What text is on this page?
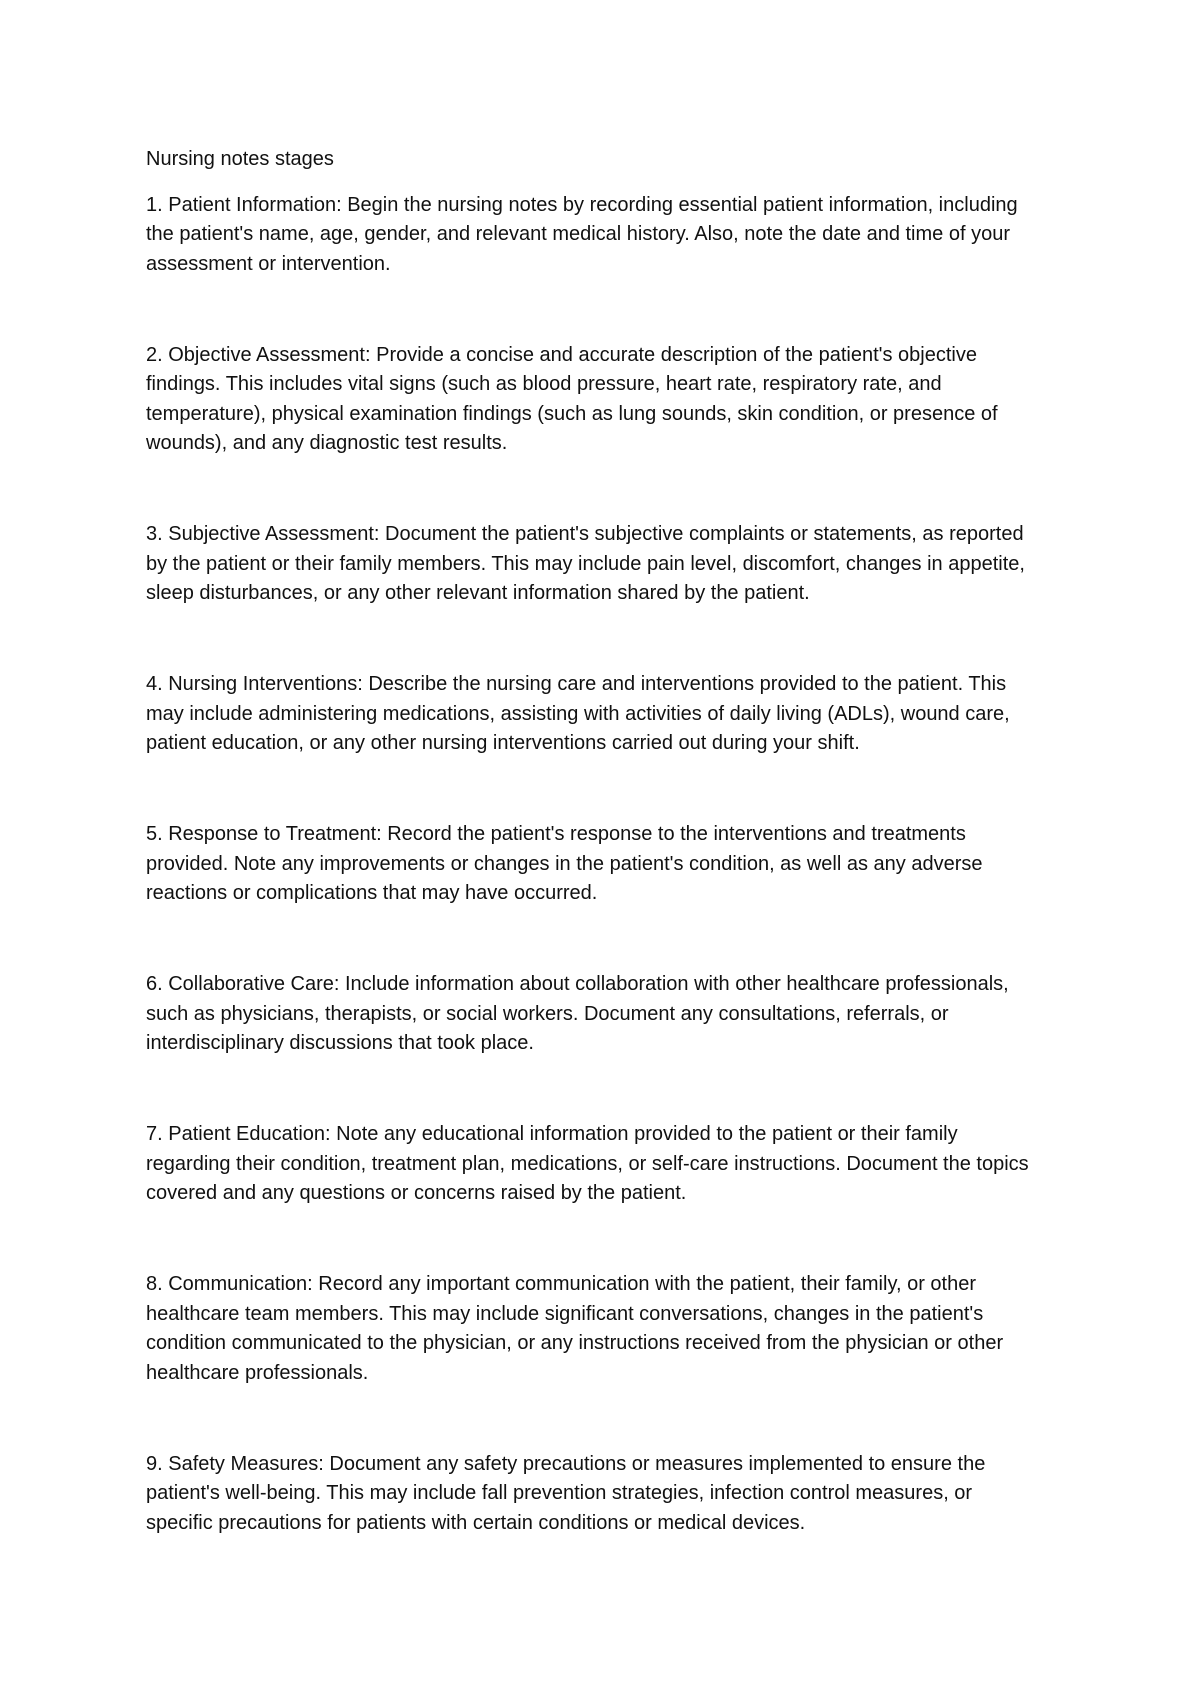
Nursing notes stages
1. Patient Information: Begin the nursing notes by recording essential patient information, including
the patient's name, age, gender, and relevant medical history. Also, note the date and time of your
assessment or intervention.
2. Objective Assessment: Provide a concise and accurate description of the patient's objective
findings. This includes vital signs (such as blood pressure, heart rate, respiratory rate, and
temperature), physical examination findings (such as lung sounds, skin condition, or presence of
wounds), and any diagnostic test results.
3. Subjective Assessment: Document the patient's subjective complaints or statements, as reported
by the patient or their family members. This may include pain level, discomfort, changes in appetite,
sleep disturbances, or any other relevant information shared by the patient.
4. Nursing Interventions: Describe the nursing care and interventions provided to the patient. This
may include administering medications, assisting with activities of daily living (ADLs), wound care,
patient education, or any other nursing interventions carried out during your shift.
5. Response to Treatment: Record the patient's response to the interventions and treatments
provided. Note any improvements or changes in the patient's condition, as well as any adverse
reactions or complications that may have occurred.
6. Collaborative Care: Include information about collaboration with other healthcare professionals,
such as physicians, therapists, or social workers. Document any consultations, referrals, or
interdisciplinary discussions that took place.
7. Patient Education: Note any educational information provided to the patient or their family
regarding their condition, treatment plan, medications, or self-care instructions. Document the topics
covered and any questions or concerns raised by the patient.
8. Communication: Record any important communication with the patient, their family, or other
healthcare team members. This may include significant conversations, changes in the patient's
condition communicated to the physician, or any instructions received from the physician or other
healthcare professionals.
9. Safety Measures: Document any safety precautions or measures implemented to ensure the
patient's well-being. This may include fall prevention strategies, infection control measures, or
specific precautions for patients with certain conditions or medical devices.
